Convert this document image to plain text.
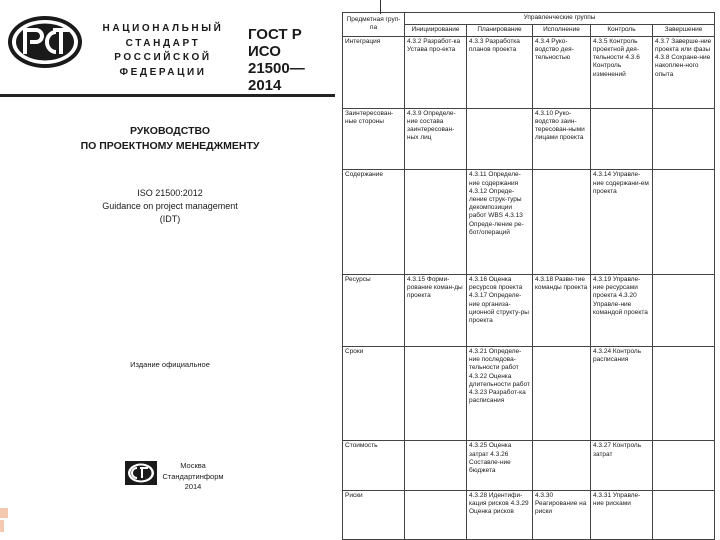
НАЦИОНАЛЬНЫЙ
СТАНДАРТ
РОССИЙСКОЙ
ФЕДЕРАЦИИ
ГОСТ Р ИСО
21500—
2014
РУКОВОДСТВО
ПО ПРОЕКТНОМУ МЕНЕДЖМЕНТУ
ISO 21500:2012
Guidance on project management
(IDT)
Издание официальное
Москва
Стандартинформ
2014
Предметная груп-па	Управленческие группы				
	Инициирование	Планирование	Исполнение	Контроль	Завершение
Интеграция	4.3.2 Разработ-ка Устава про-екта	4.3.3 Разработка планов проекта	4.3.4 Руко-водство дея-тельностью	4.3.5 Контроль проектной дея-тельности 4.3.6 Контроль изменений	4.3.7 Заверше-ние проекта или фазы 4.3.8 Сохране-ние накоплен-ного опыта
Заинтересован-ные стороны	4.3.9 Определе-ние состава заинтересован-ных лиц		4.3.10 Руко-водство заин-тересован-ными лицами проекта		
Содержание		4.3.11 Определе-ние содержания 4.3.12 Опреде-ление струк-туры декомпозиции работ WBS 4.3.13 Опреде-ление ре-бот/операций		4.3.14 Управле-ние содержани-ем проекта	
Ресурсы	4.3.15 Форми-рование коман-ды проекта	4.3.16 Оценка ресурсов проекта 4.3.17 Определе-ние организа-ционной структу-ры проекта	4.3.18 Разви-тие команды проекта	4.3.19 Управле-ние ресурсами проекта 4.3.20 Управле-ние командой проекта	
Сроки		4.3.21 Определе-ние последова-тельности работ 4.3.22 Оценка длительности работ 4.3.23 Разработ-ка расписания		4.3.24 Контроль расписания	
Стоимость		4.3.25 Оценка затрат 4.3.26 Составле-ние бюджета		4.3.27 Контроль затрат	
Риски		4.3.28 Идентифи-кация рисков 4.3.29 Оценка рисков	4.3.30 Реагирование на риски	4.3.31 Управле-ние рисками	
